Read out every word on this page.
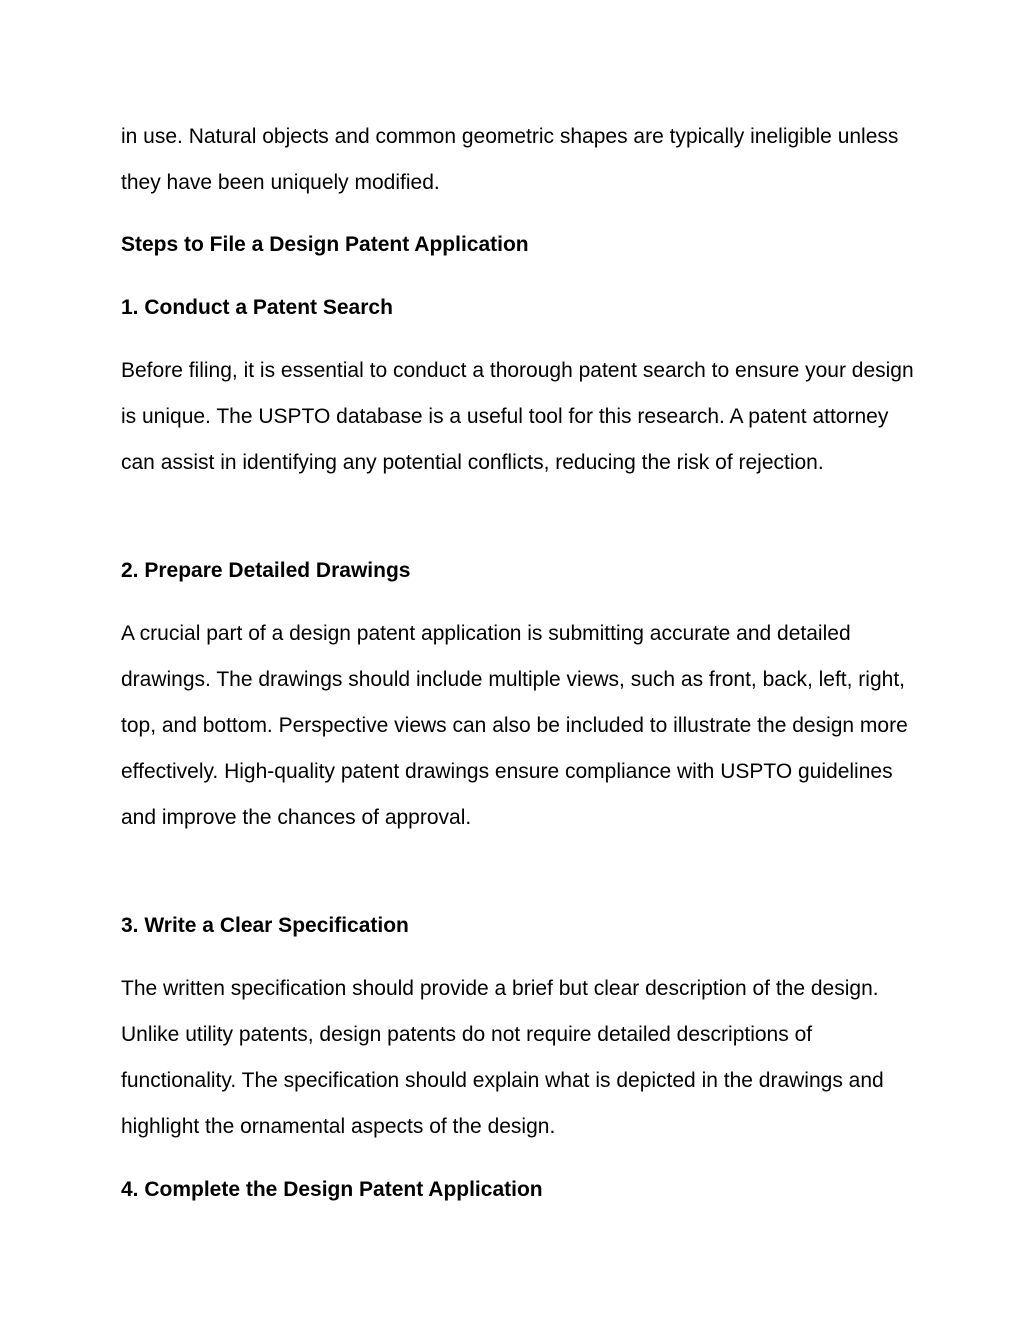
in use. Natural objects and common geometric shapes are typically ineligible unless they have been uniquely modified.

Steps to File a Design Patent Application

1. Conduct a Patent Search

Before filing, it is essential to conduct a thorough patent search to ensure your design is unique. The USPTO database is a useful tool for this research. A patent attorney can assist in identifying any potential conflicts, reducing the risk of rejection.

2. Prepare Detailed Drawings

A crucial part of a design patent application is submitting accurate and detailed drawings. The drawings should include multiple views, such as front, back, left, right, top, and bottom. Perspective views can also be included to illustrate the design more effectively. High-quality patent drawings ensure compliance with USPTO guidelines and improve the chances of approval.

3. Write a Clear Specification

The written specification should provide a brief but clear description of the design. Unlike utility patents, design patents do not require detailed descriptions of functionality. The specification should explain what is depicted in the drawings and highlight the ornamental aspects of the design.

4. Complete the Design Patent Application
